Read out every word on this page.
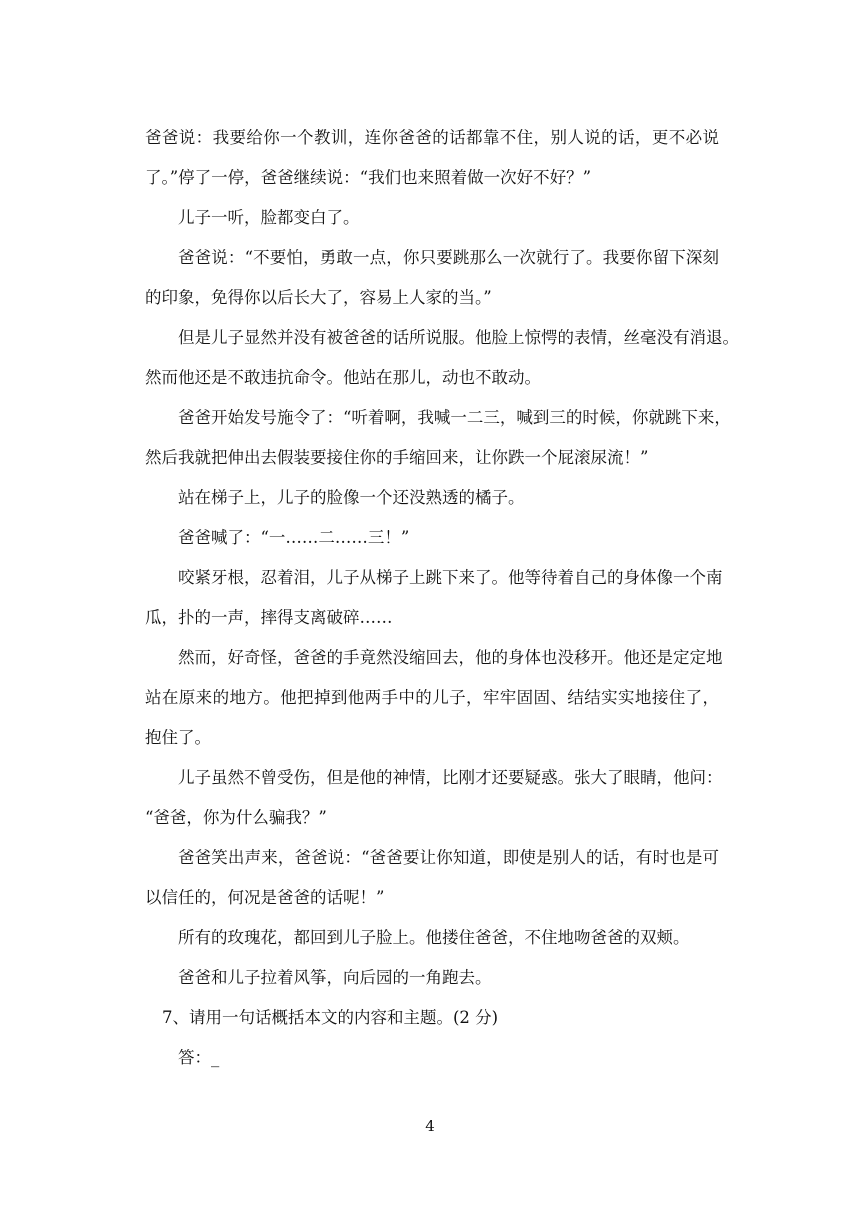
爸爸说：我要给你一个教训，连你爸爸的话都靠不住，别人说的话，更不必说
了。”停了一停，爸爸继续说：“我们也来照着做一次好不好？”
儿子一听，脸都变白了。
爸爸说：“不要怕，勇敢一点，你只要跳那么一次就行了。我要你留下深刻
的印象，免得你以后长大了，容易上人家的当。”
但是儿子显然并没有被爸爸的话所说服。他脸上惊愕的表情，丝毫没有消退。
然而他还是不敢违抗命令。他站在那儿，动也不敢动。
爸爸开始发号施令了：“听着啊，我喊一二三，喊到三的时候，你就跳下来，
然后我就把伸出去假装要接住你的手缩回来，让你跌一个屁滚尿流！”
站在梯子上，儿子的脸像一个还没熟透的橘子。
爸爸喊了：“一……二……三！”
咬紧牙根，忍着泪，儿子从梯子上跳下来了。他等待着自己的身体像一个南
瓜，扑的一声，摔得支离破碎……
然而，好奇怪，爸爸的手竟然没缩回去，他的身体也没移开。他还是定定地
站在原来的地方。他把掉到他两手中的儿子，牢牢固固、结结实实地接住了，
抱住了。
儿子虽然不曾受伤，但是他的神情，比刚才还要疑惑。张大了眼睛，他问：
“爸爸，你为什么骗我？”
爸爸笑出声来，爸爸说：“爸爸要让你知道，即使是别人的话，有时也是可
以信任的，何况是爸爸的话呢！”
所有的玫瑰花，都回到儿子脸上。他搂住爸爸，不住地吻爸爸的双颊。
爸爸和儿子拉着风筝，向后园的一角跑去。
7、请用一句话概括本文的内容和主题。(2 分)
答：_
4
